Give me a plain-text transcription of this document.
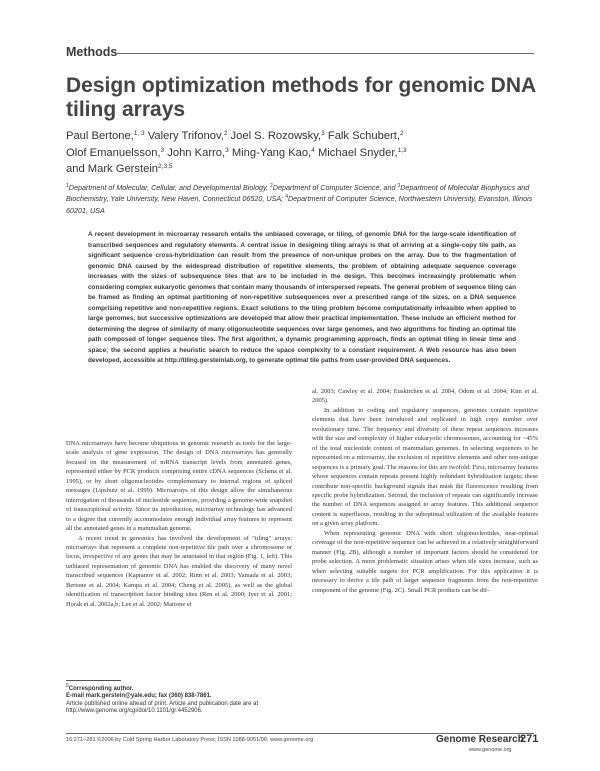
Methods
Design optimization methods for genomic DNA tiling arrays
Paul Bertone,$^{1, 3}$ Valery Trifonov,$^2$ Joel S. Rozowsky,$^3$ Falk Schubert,$^2$
Olof Emanuelsson,$^3$ John Karro,$^3$ Ming-Yang Kao,$^4$ Michael Snyder,$^{1,3}$
and Mark Gerstein$^{2,3,5}$
$^1$Department of Molecular, Cellular, and Developmental Biology, $^2$Department of Computer Science, and $^3$Department of Molecular Biophysics and Biochemistry, Yale University, New Haven, Connecticut 06520, USA; $^4$Department of Computer Science, Northwestern University, Evanston, Illinois 60201, USA
A recent development in microarray research entails the unbiased coverage, or tiling, of genomic DNA for the large-scale identification of transcribed sequences and regulatory elements. A central issue in designing tiling arrays is that of arriving at a single-copy tile path, as significant sequence cross-hybridization can result from the presence of non-unique probes on the array. Due to the fragmentation of genomic DNA caused by the widespread distribution of repetitive elements, the problem of obtaining adequate sequence coverage increases with the sizes of subsequence tiles that are to be included in the design. This becomes increasingly problematic when considering complex eukaryotic genomes that contain many thousands of interspersed repeats. The general problem of sequence tiling can be framed as finding an optimal partitioning of non-repetitive subsequences over a prescribed range of tile sizes, on a DNA sequence comprising repetitive and non-repetitive regions. Exact solutions to the tiling problem become computationally infeasible when applied to large genomes, but successive optimizations are developed that allow their practical implementation. These include an efficient method for determining the degree of similarity of many oligonucleotide sequences over large genomes, and two algorithms for finding an optimal tile path composed of longer sequence tiles. The first algorithm, a dynamic programming approach, finds an optimal tiling in linear time and space; the second applies a heuristic search to reduce the space complexity to a constant requirement. A Web resource has also been developed, accessible at http://tiling.gersteinlab.org, to generate optimal tile paths from user-provided DNA sequences.

DNA microarrays have become ubiquitous in genomic research as tools for the large-scale analysis of gene expression. The design of DNA microarrays has generally focused on the measurement of mRNA transcript levels from annotated genes, represented either by PCR products comprising entire cDNA sequences (Schena et al. 1995), or by short oligonucleotides complementary to internal regions of spliced messages (Lipshutz et al. 1999). Microarrays of this design allow the simultaneous interrogation of thousands of nucleotide sequences, providing a genome-wide snapshot of transcriptional activity. Since its introduction, microarray technology has advanced to a degree that currently accommodates enough individual array features to represent all the annotated genes in a mammalian genome.

A recent trend in genomics has involved the development of "tiling" arrays: microarrays that represent a complete non-repetitive tile path over a chromosome or locus, irrespective of any genes that may be annotated in that region (Fig. 1, left). This unbiased representation of genomic DNA has enabled the discovery of many novel transcribed sequences (Kapranov et al. 2002; Rinn et al. 2003; Yamada et al. 2003; Bertone et al. 2004; Kampa et al. 2004; Cheng et al. 2005), as well as the global identification of transcription factor binding sites (Ren et al. 2000; Iyer et al. 2001; Horak et al. 2002a,b; Lee et al. 2002; Martone et

al. 2003; Cawley et al. 2004; Euskirchen et al. 2004, Odom et al. 2004; Kim et al. 2005).

In addition to coding and regulatory sequences, genomes contain repetitive elements that have been introduced and replicated in high copy number over evolutionary time. The frequency and diversity of these repeat sequences increases with the size and complexity of higher eukaryotic chromosomes, accounting for ~45% of the total nucleotide content of mammalian genomes. In selecting sequences to be represented on a microarray, the exclusion of repetitive elements and other non-unique sequences is a primary goal. The reasons for this are twofold: First, microarray features whose sequences contain repeats present highly redundant hybridization targets; these contribute non-specific background signals that mask the fluorescence resulting from specific probe hybridization. Second, the inclusion of repeats can significantly increase the number of DNA sequences assigned to array features. This additional sequence content is superfluous, resulting in the suboptimal utilization of the available features on a given array platform.

When representing genomic DNA with short oligonucleotides, near-optimal coverage of the non-repetitive sequence can be achieved in a relatively straightforward manner (Fig. 2B), although a number of important factors should be considered for probe selection. A more problematic situation arises when tile sizes increase, such as when selecting suitable targets for PCR amplification. For this application it is necessary to derive a tile path of larger sequence fragments from the non-repetitive component of the genome (Fig. 2C). Small PCR products can be dif-

$^5$Corresponding author.
E-mail mark.gerstein@yale.edu; fax (360) 838-7861.
Article published online ahead of print. Article and publication date are at http://www.genome.org/cgi/doi/10.1101/gr.4452906.
16:271–281 ©2006 by Cold Spring Harbor Laboratory Press; ISSN 1088-9051/06; www.genome.org	Genome Research
271
www.genome.org
